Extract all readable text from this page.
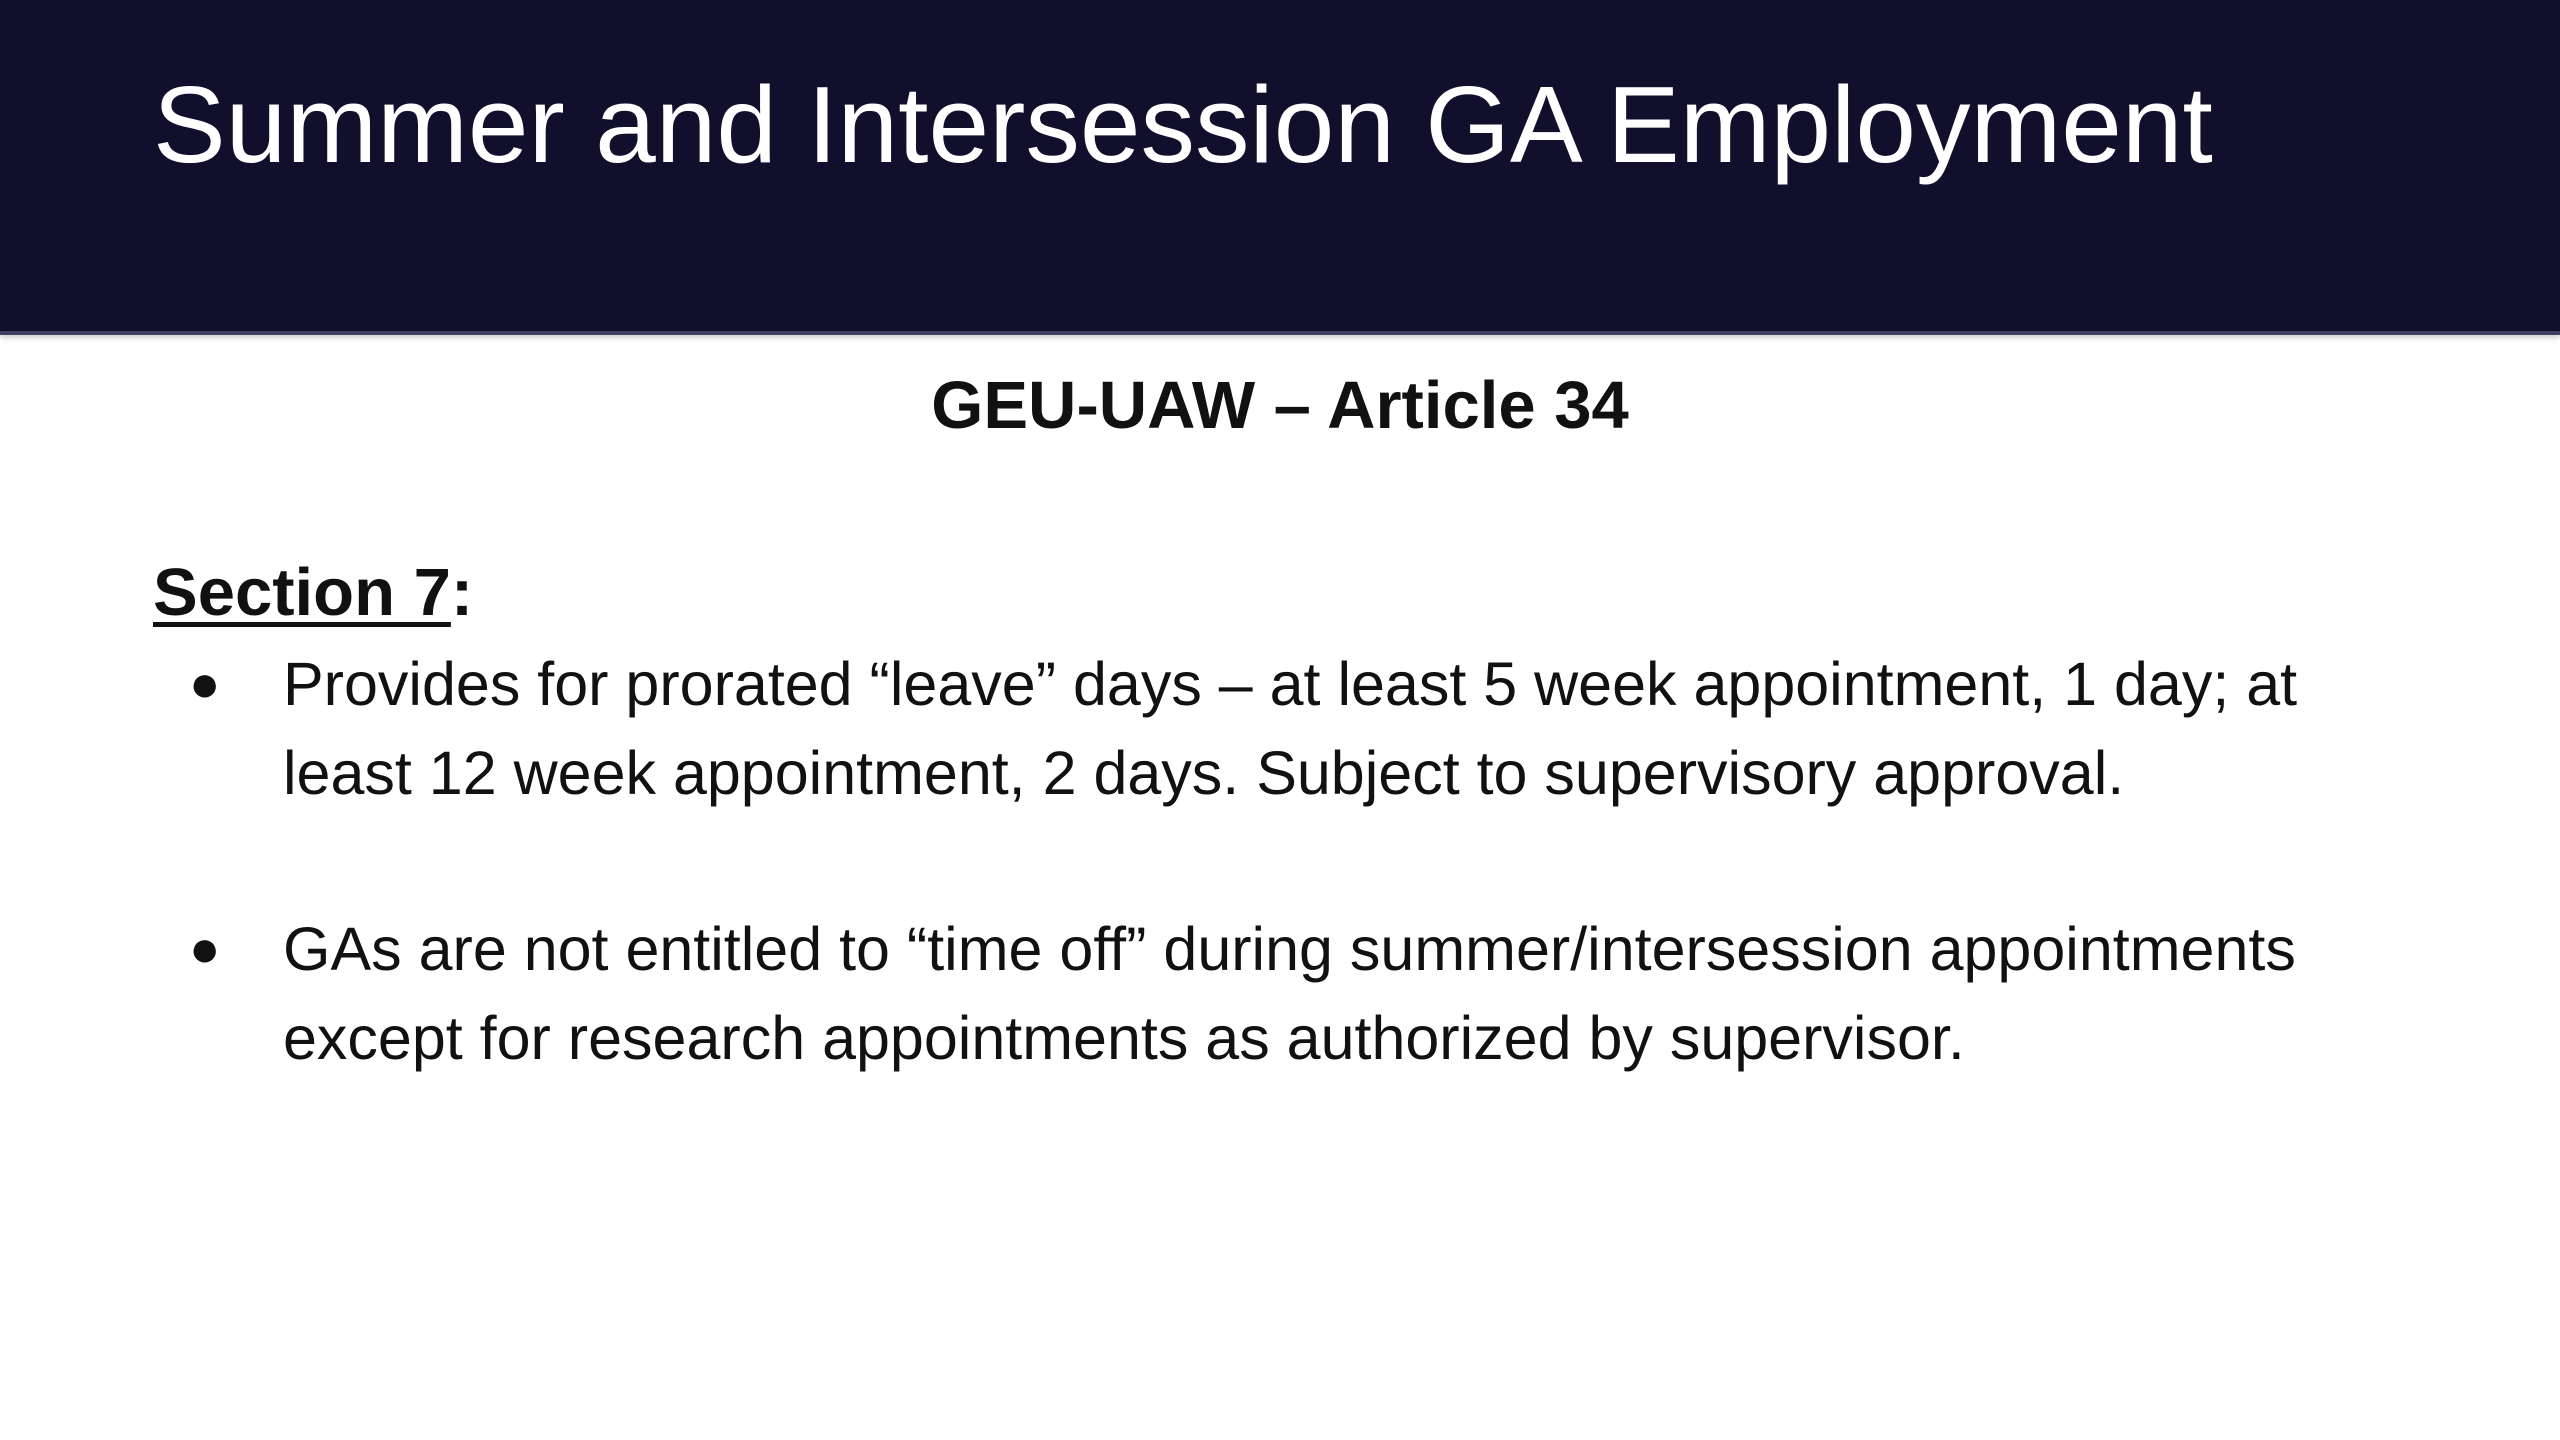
Summer and Intersession GA Employment
GEU-UAW – Article 34
Section 7:
● Provides for prorated “leave” days – at least 5 week appointment, 1 day; at least 12 week appointment, 2 days. Subject to supervisory approval.
● GAs are not entitled to “time off” during summer/intersession appointments except for research appointments as authorized by supervisor.
